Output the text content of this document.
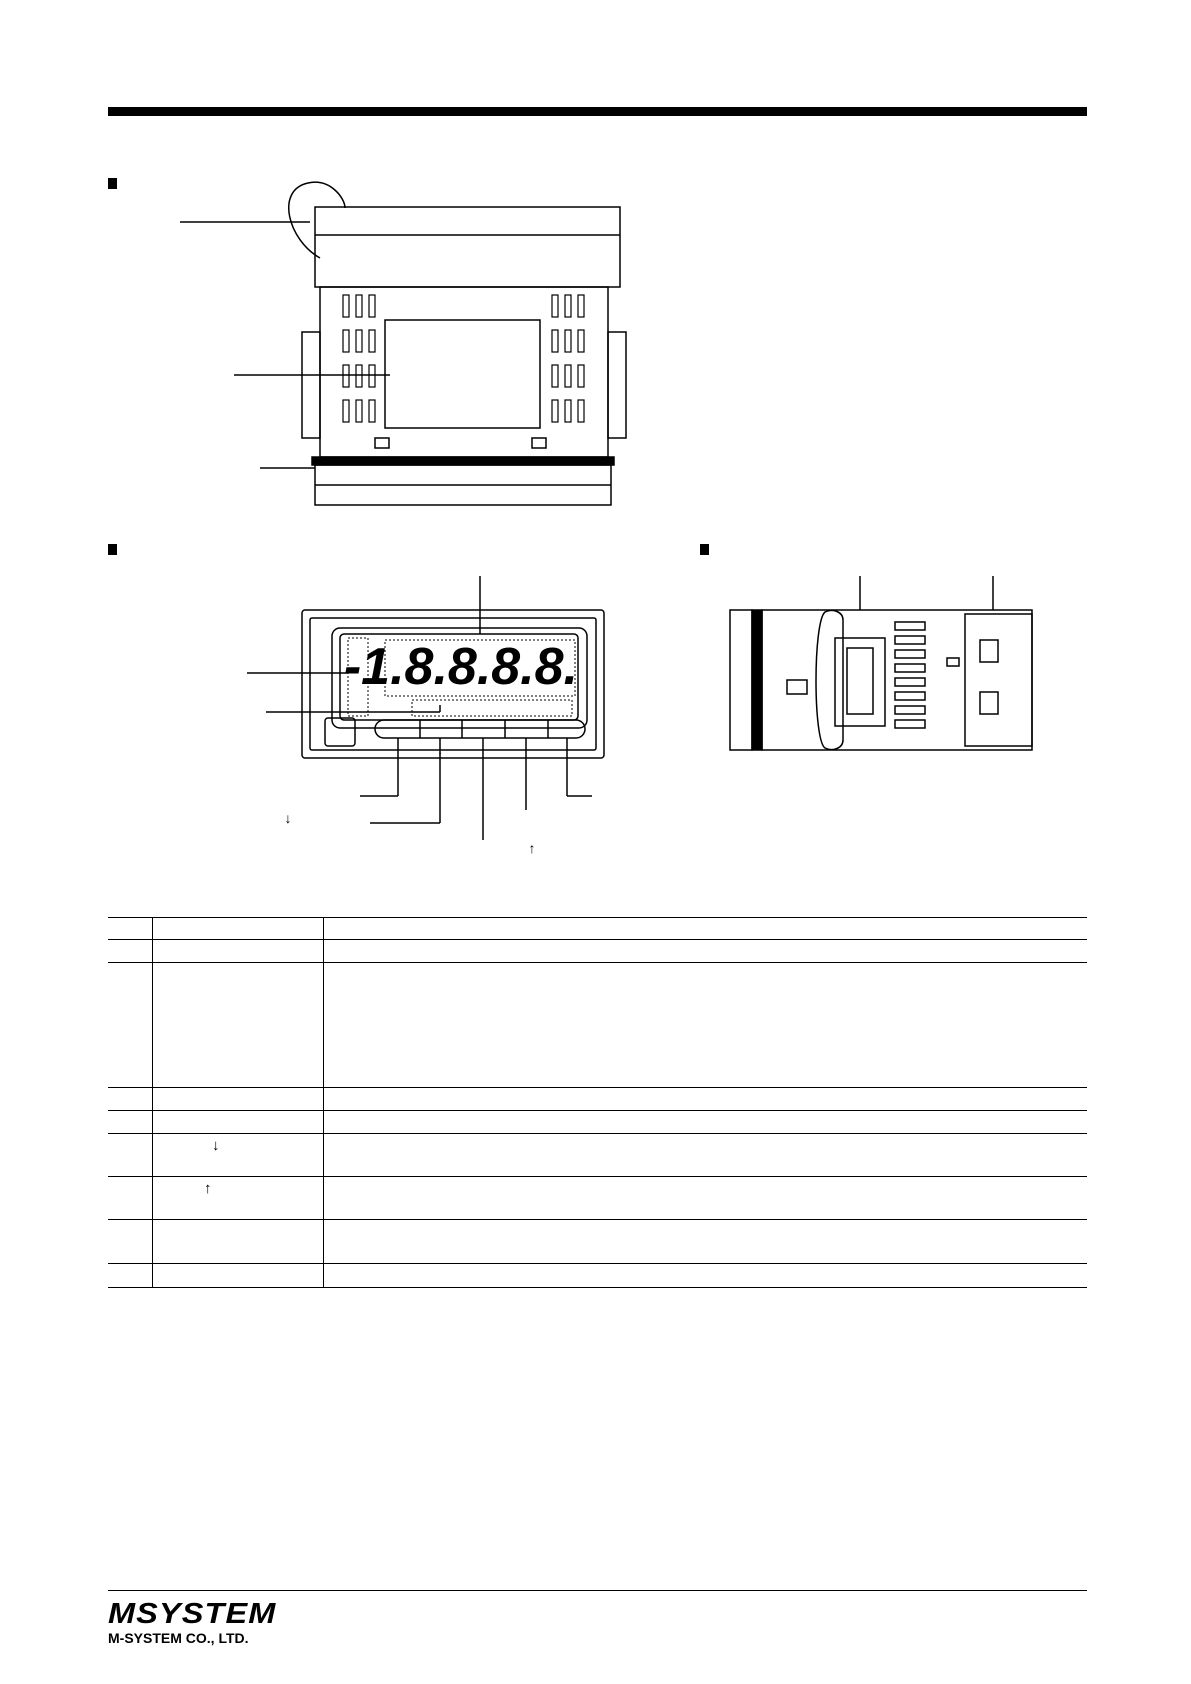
-1.8.8.8.8.
↓	↑
↓
↑
↓
↑
MSYSTEM
M-SYSTEM CO., LTD.
